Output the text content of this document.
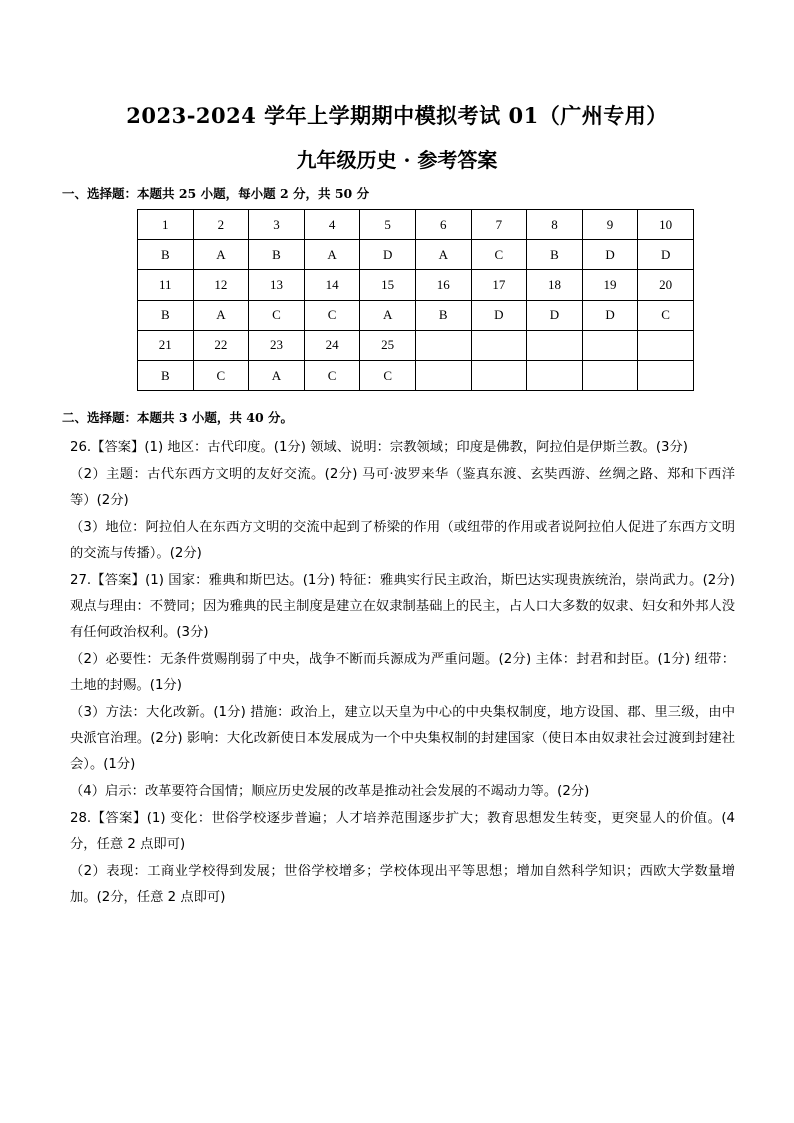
2023-2024 学年上学期期中模拟考试 01（广州专用）
九年级历史 · 参考答案
一、选择题：本题共 25 小题，每小题 2 分，共 50 分
1	2	3	4	5	6	7	8	9	10
B	A	B	A	D	A	C	B	D	D
11	12	13	14	15	16	17	18	19	20
B	A	C	C	A	B	D	D	D	C
21	22	23	24	25					
B	C	A	C	C					
二、选择题：本题共 3 小题，共 40 分。

26.【答案】(1) 地区：古代印度。(1分) 领域、说明：宗教领域；印度是佛教，阿拉伯是伊斯兰教。(3分)

（2）主题：古代东西方文明的友好交流。(2分) 马可·波罗来华（鉴真东渡、玄奘西游、丝绸之路、郑和下西洋等）(2分)

（3）地位：阿拉伯人在东西方文明的交流中起到了桥梁的作用（或纽带的作用或者说阿拉伯人促进了东西方文明的交流与传播）。(2分)

27.【答案】(1) 国家：雅典和斯巴达。(1分) 特征：雅典实行民主政治，斯巴达实现贵族统治，崇尚武力。(2分) 观点与理由：不赞同；因为雅典的民主制度是建立在奴隶制基础上的民主，占人口大多数的奴隶、妇女和外邦人没有任何政治权利。(3分)

（2）必要性：无条件赏赐削弱了中央，战争不断而兵源成为严重问题。(2分) 主体：封君和封臣。(1分) 纽带：土地的封赐。(1分)

（3）方法：大化改新。(1分) 措施：政治上，建立以天皇为中心的中央集权制度，地方设国、郡、里三级，由中央派官治理。(2分) 影响：大化改新使日本发展成为一个中央集权制的封建国家（使日本由奴隶社会过渡到封建社会）。(1分)

（4）启示：改革要符合国情；顺应历史发展的改革是推动社会发展的不竭动力等。(2分)

28.【答案】(1) 变化：世俗学校逐步普遍；人才培养范围逐步扩大；教育思想发生转变，更突显人的价值。(4分，任意 2 点即可)

（2）表现：工商业学校得到发展；世俗学校增多；学校体现出平等思想；增加自然科学知识；西欧大学数量增加。(2分，任意 2 点即可)
